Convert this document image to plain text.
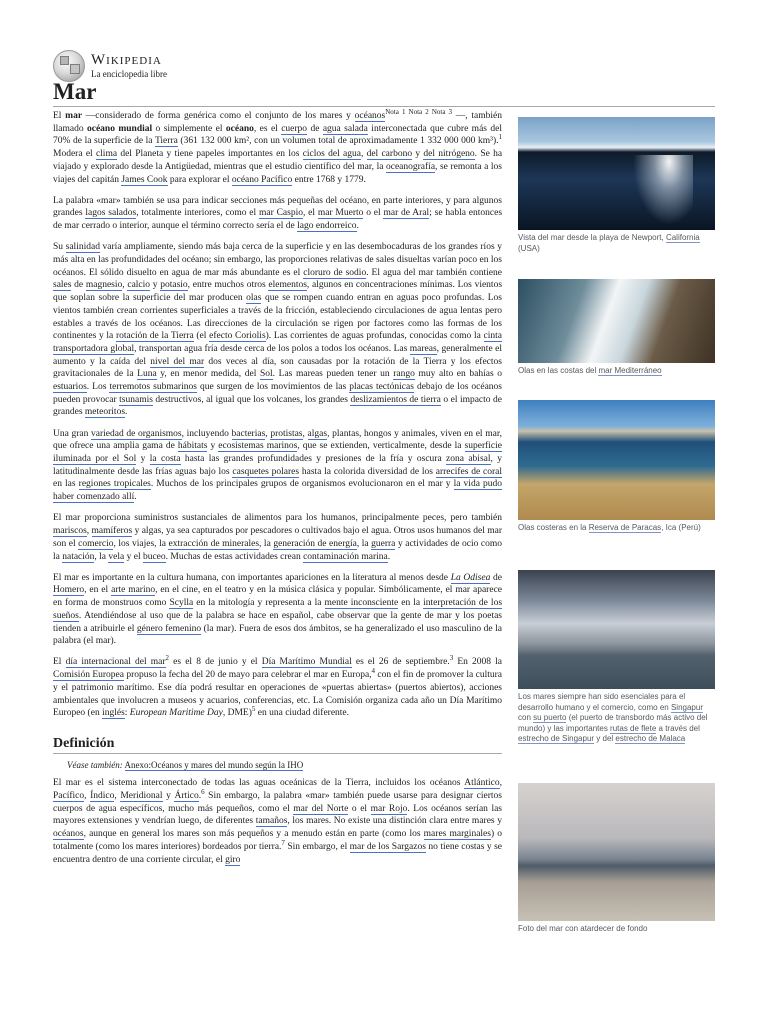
Wikipedia
La enciclopedia libre
Mar

El mar —considerado de forma genérica como el conjunto de los mares y océanos$^{Nota 1 Nota 2 Nota 3}$ —, también llamado océano mundial o simplemente el océano, es el cuerpo de agua salada interconectada que cubre más del 70% de la superficie de la Tierra (361 132 000 km², con un volumen total de aproximadamente 1 332 000 000 km³).$^1$ Modera el clima del Planeta y tiene papeles importantes en los ciclos del agua, del carbono y del nitrógeno. Se ha viajado y explorado desde la Antigüedad, mientras que el estudio científico del mar, la oceanografía, se remonta a los viajes del capitán James Cook para explorar el océano Pacífico entre 1768 y 1779.

La palabra «mar» también se usa para indicar secciones más pequeñas del océano, en parte interiores, y para algunos grandes lagos salados, totalmente interiores, como el mar Caspio, el mar Muerto o el mar de Aral; se habla entonces de mar cerrado o interior, aunque el término correcto sería el de lago endorreico.

Su salinidad varía ampliamente, siendo más baja cerca de la superficie y en las desembocaduras de los grandes ríos y más alta en las profundidades del océano; sin embargo, las proporciones relativas de sales disueltas varían poco en los océanos. El sólido disuelto en agua de mar más abundante es el cloruro de sodio. El agua del mar también contiene sales de magnesio, calcio y potasio, entre muchos otros elementos, algunos en concentraciones mínimas. Los vientos que soplan sobre la superficie del mar producen olas que se rompen cuando entran en aguas poco profundas. Los vientos también crean corrientes superficiales a través de la fricción, estableciendo circulaciones de agua lentas pero estables a través de los océanos. Las direcciones de la circulación se rigen por factores como las formas de los continentes y la rotación de la Tierra (el efecto Coriolis). Las corrientes de aguas profundas, conocidas como la cinta transportadora global, transportan agua fría desde cerca de los polos a todos los océanos. Las mareas, generalmente el aumento y la caída del nivel del mar dos veces al día, son causadas por la rotación de la Tierra y los efectos gravitacionales de la Luna y, en menor medida, del Sol. Las mareas pueden tener un rango muy alto en bahías o estuarios. Los terremotos submarinos que surgen de los movimientos de las placas tectónicas debajo de los océanos pueden provocar tsunamis destructivos, al igual que los volcanes, los grandes deslizamientos de tierra o el impacto de grandes meteoritos.

Una gran variedad de organismos, incluyendo bacterias, protistas, algas, plantas, hongos y animales, viven en el mar, que ofrece una amplia gama de hábitats y ecosistemas marinos, que se extienden, verticalmente, desde la superficie iluminada por el Sol y la costa hasta las grandes profundidades y presiones de la fría y oscura zona abisal, y latitudinalmente desde las frías aguas bajo los casquetes polares hasta la colorida diversidad de los arrecifes de coral en las regiones tropicales. Muchos de los principales grupos de organismos evolucionaron en el mar y la vida pudo haber comenzado allí.

El mar proporciona suministros sustanciales de alimentos para los humanos, principalmente peces, pero también mariscos, mamíferos y algas, ya sea capturados por pescadores o cultivados bajo el agua. Otros usos humanos del mar son el comercio, los viajes, la extracción de minerales, la generación de energía, la guerra y actividades de ocio como la natación, la vela y el buceo. Muchas de estas actividades crean contaminación marina.

El mar es importante en la cultura humana, con importantes apariciones en la literatura al menos desde La Odisea de Homero, en el arte marino, en el cine, en el teatro y en la música clásica y popular. Simbólicamente, el mar aparece en forma de monstruos como Scylla en la mitología y representa a la mente inconsciente en la interpretación de los sueños. Atendiéndose al uso que de la palabra se hace en español, cabe observar que la gente de mar y los poetas tienden a atribuirle el género femenino (la mar). Fuera de esos dos ámbitos, se ha generalizado el uso masculino de la palabra (el mar).

El día internacional del mar$^2$ es el 8 de junio y el Día Marítimo Mundial es el 26 de septiembre.$^3$ En 2008 la Comisión Europea propuso la fecha del 20 de mayo para celebrar el mar en Europa,$^4$ con el fin de promover la cultura y el patrimonio marítimo. Ese día podrá resultar en operaciones de «puertas abiertas» (puertos abiertos), acciones ambientales que involucren a museos y acuarios, conferencias, etc. La Comisión organiza cada año un Día Marítimo Europeo (en inglés: European Maritime Day, DME)$^5$ en una ciudad diferente.

Definición
Véase también: Anexo:Océanos y mares del mundo según la IHO

El mar es el sistema interconectado de todas las aguas oceánicas de la Tierra, incluidos los océanos Atlántico, Pacífico, Índico, Meridional y Ártico.$^6$ Sin embargo, la palabra «mar» también puede usarse para designar ciertos cuerpos de agua específicos, mucho más pequeños, como el mar del Norte o el mar Rojo. Los océanos serían las mayores extensiones y vendrían luego, de diferentes tamaños, los mares. No existe una distinción clara entre mares y océanos, aunque en general los mares son más pequeños y a menudo están en parte (como los mares marginales) o totalmente (como los mares interiores) bordeados por tierra.$^7$ Sin embargo, el mar de los Sargazos no tiene costas y se encuentra dentro de una corriente circular, el giro

Vista del mar desde la playa de Newport, California (USA)
Olas en las costas del mar Mediterráneo
Olas costeras en la Reserva de Paracas, Ica (Perú)
Los mares siempre han sido esenciales para el desarrollo humano y el comercio, como en Singapur con su puerto (el puerto de transbordo más activo del mundo) y las importantes rutas de flete a través del estrecho de Singapur y del estrecho de Malaca
Foto del mar con atardecer de fondo
